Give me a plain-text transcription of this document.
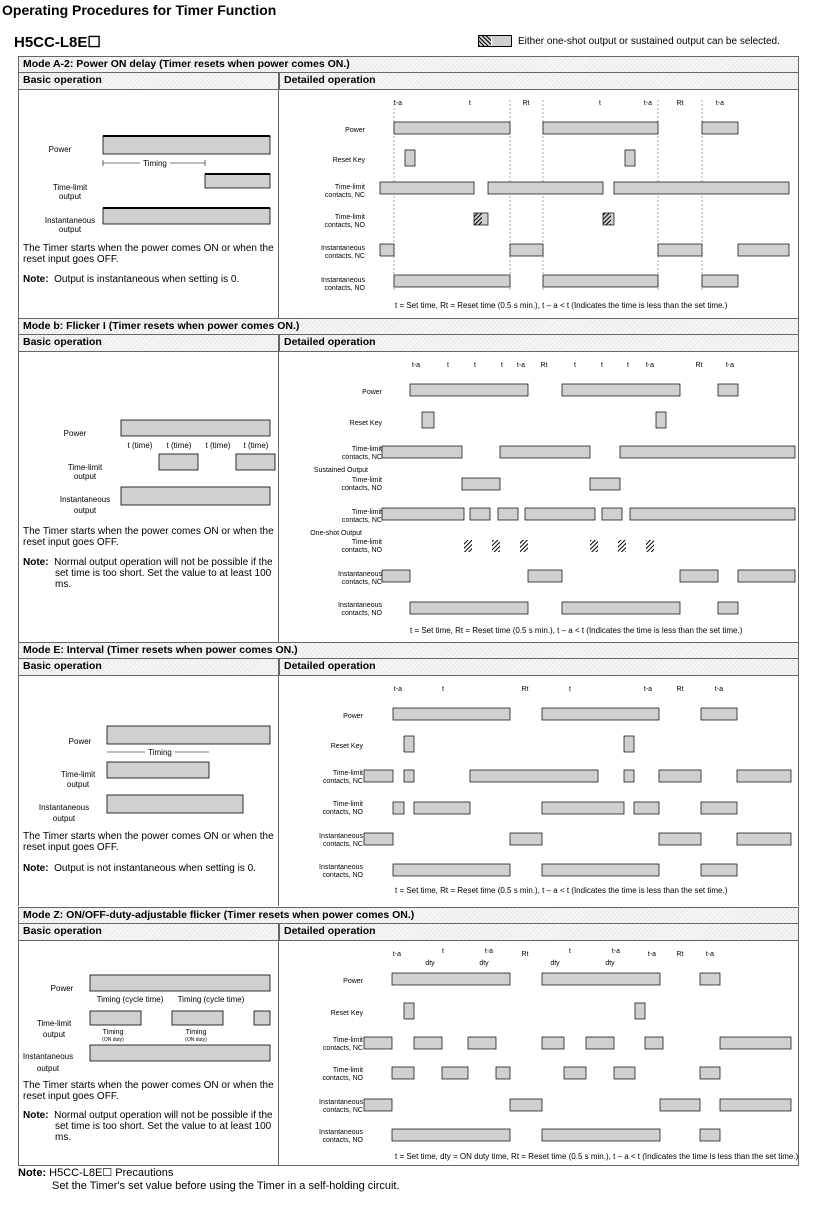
Operating Procedures for Timer Function
H5CC-L8E☐	Either one-shot output or sustained output can be selected.
Mode A-2: Power ON delay (Timer resets when power comes ON.)
Basic operation	Detailed operation
Power
Time-limit
output
Instantaneous
output
Timing
The Timer starts when the power comes ON or when the reset input goes OFF.
Note: Output is instantaneous when setting is 0.
Power
Reset Key
Time-limit
contacts, NC
Time-limit
contacts, NO
Instantaneous
contacts, NC
Instantaneous
contacts, NO
t-a	t	Rt	t	t-a	Rt	t-a
t = Set time, Rt = Reset time (0.5 s min.), t – a < t (Indicates the time is less than the set time.)
Mode b: Flicker I (Timer resets when power comes ON.)
Basic operation	Detailed operation
Power
Time-limit
output
Instantaneous
output
t (time) t (time) t (time) t (time)
The Timer starts when the power comes ON or when the reset input goes OFF.
Note: Normal output operation will not be possible if the set time is too short. Set the value to at least 100 ms.
Power
Reset Key
Time-limit
contacts, NC
Sustained Output
Time-limit
contacts, NO
Time-limit
contacts, NC
One-shot Output
Time-limit
contacts, NO
Instantaneous
contacts, NC
Instantaneous
contacts, NO
t-a	t	t	t t-a Rt	t	t	t t-a	Rt	t-a
t = Set time, Rt = Reset time (0.5 s min.), t – a < t (Indicates the time is less than the set time.)
Mode E: Interval (Timer resets when power comes ON.)
Basic operation	Detailed operation
Power
Time-limit
output
Instantaneous
output
Timing
The Timer starts when the power comes ON or when the reset input goes OFF.
Note: Output is not instantaneous when setting is 0.
Power
Reset Key
Time-limit
contacts, NC
Time-limit
contacts, NO
Instantaneous
contacts, NC
Instantaneous
contacts, NO
t-a	t	Rt	t	t-a	Rt	t-a
t = Set time, Rt = Reset time (0.5 s min.), t – a < t (Indicates the time is less than the set time.)
Mode Z: ON/OFF-duty-adjustable flicker (Timer resets when power comes ON.)
Basic operation	Detailed operation
Power
Time-limit
output
Instantaneous
output
Timing (cycle time) Timing (cycle time)
Timing
(ON duty)
Timing
(ON duty)
The Timer starts when the power comes ON or when the reset input goes OFF.
Note: Normal output operation will not be possible if the set time is too short. Set the value to at least 100 ms.
Power
Reset Key
Time-limit
contacts, NC
Time-limit
contacts, NO
Instantaneous
contacts, NC
Instantaneous
contacts, NO
t-a	t	t-a	Rt	t	t-a	t-a	Rt	t-a
dty	dty	dty	dty
t = Set time, dty = ON duty time, Rt = Reset time (0.5 s min.), t – a < t (Indicates the time is less than the set time.)
Note: H5CC-L8E☐ Precautions
Set the Timer's set value before using the Timer in a self-holding circuit.
